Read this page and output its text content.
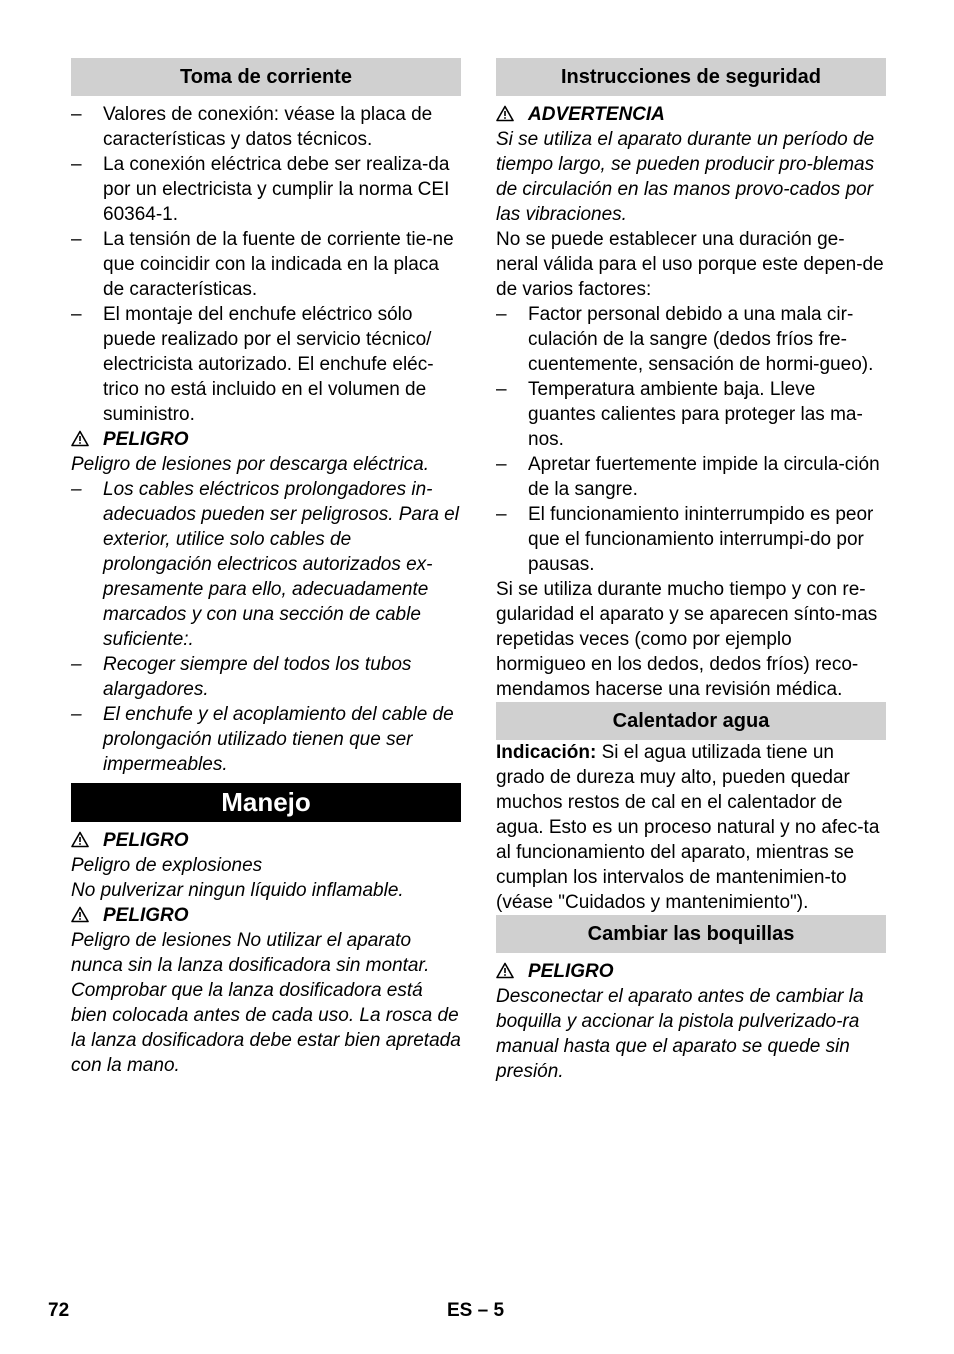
Toma de corriente
– Valores de conexión: véase la placa de características y datos técnicos.
– La conexión eléctrica debe ser realiza-da por un electricista y cumplir la norma CEI 60364-1.
– La tensión de la fuente de corriente tie-ne que coincidir con la indicada en la placa de características.
– El montaje del enchufe eléctrico sólo puede realizado por el servicio técnico/ electricista autorizado. El enchufe eléc-trico no está incluido en el volumen de suministro.
PELIGRO
Peligro de lesiones por descarga eléctrica.
– Los cables eléctricos prolongadores in-adecuados pueden ser peligrosos. Para el exterior, utilice solo cables de prolongación electricos autorizados ex-presamente para ello, adecuadamente marcados y con una sección de cable suficiente:.
– Recoger siempre del todos los tubos alargadores.
– El enchufe y el acoplamiento del cable de prolongación utilizado tienen que ser impermeables.
Manejo
PELIGRO
Peligro de explosiones
No pulverizar ningun líquido inflamable.
PELIGRO
Peligro de lesiones No utilizar el aparato nunca sin la lanza dosificadora sin montar. Comprobar que la lanza dosificadora está bien colocada antes de cada uso. La rosca de la lanza dosificadora debe estar bien apretada con la mano.
Instrucciones de seguridad
ADVERTENCIA
Si se utiliza el aparato durante un período de tiempo largo, se pueden producir pro-blemas de circulación en las manos provo-cados por las vibraciones.
No se puede establecer una duración ge-neral válida para el uso porque este depen-de de varios factores:
– Factor personal debido a una mala cir-culación de la sangre (dedos fríos fre-cuentemente, sensación de hormi-gueo).
– Temperatura ambiente baja. Lleve guantes calientes para proteger las ma-nos.
– Apretar fuertemente impide la circula-ción de la sangre.
– El funcionamiento ininterrumpido es peor que el funcionamiento interrumpi-do por pausas.
Si se utiliza durante mucho tiempo y con re-gularidad el aparato y se aparecen sínto-mas repetidas veces (como por ejemplo hormigueo en los dedos, dedos fríos) reco-mendamos hacerse una revisión médica.
Calentador agua
Indicación: Si el agua utilizada tiene un grado de dureza muy alto, pueden quedar muchos restos de cal en el calentador de agua. Esto es un proceso natural y no afec-ta al funcionamiento del aparato, mientras se cumplan los intervalos de mantenimien-to (véase "Cuidados y mantenimiento").
Cambiar las boquillas
PELIGRO
Desconectar el aparato antes de cambiar la boquilla y accionar la pistola pulverizado-ra manual hasta que el aparato se quede sin presión.
72	ES – 5
